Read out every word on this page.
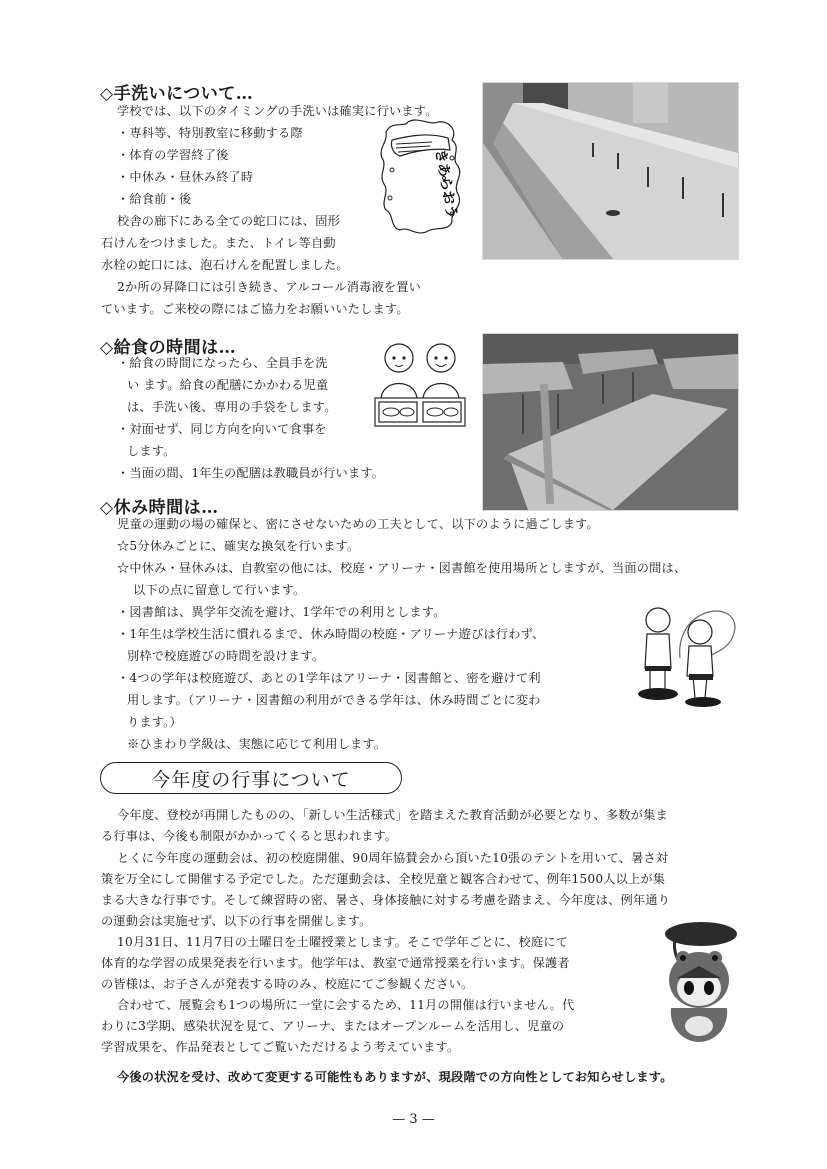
◇手洗いについて…
学校では、以下のタイミングの手洗いは確実に行います。
・専科等、特別教室に移動する際
・体育の学習終了後
・中休み・昼休み終了時
・給食前・後
校舎の廊下にある全ての蛇口には、固形
石けんをつけました。また、トイレ等自動
水栓の蛇口には、泡石けんを配置しました。
2か所の昇降口には引き続き、アルコール消毒液を置い
ています。ご来校の際にはご協力をお願いいたします。
きあらおう
◇給食の時間は…
・給食の時間になったら、全員手を洗
い ます。給食の配膳にかかわる児童
は、手洗い後、専用の手袋をします。
・対面せず、同じ方向を向いて食事を
します。
・当面の間、1年生の配膳は教職員が行います。
◇休み時間は…
児童の運動の場の確保と、密にさせないための工夫として、以下のように過ごします。
☆5分休みごとに、確実な換気を行います。
☆中休み・昼休みは、自教室の他には、校庭・アリーナ・図書館を使用場所としますが、当面の間は、
以下の点に留意して行います。
・図書館は、異学年交流を避け、1学年での利用とします。
・1年生は学校生活に慣れるまで、休み時間の校庭・アリーナ遊びは行わず、
別枠で校庭遊びの時間を設けます。
・4つの学年は校庭遊び、あとの1学年はアリーナ・図書館と、密を避けて利
用します。（アリーナ・図書館の利用ができる学年は、休み時間ごとに変わ
ります。）
※ひまわり学級は、実態に応じて利用します。
今年度の行事について
今年度、登校が再開したものの、「新しい生活様式」を踏まえた教育活動が必要となり、多数が集ま
る行事は、今後も制限がかかってくると思われます。
とくに今年度の運動会は、初の校庭開催、90周年協賛会から頂いた10張のテントを用いて、暑さ対
策を万全にして開催する予定でした。ただ運動会は、全校児童と観客合わせて、例年1500人以上が集
まる大きな行事です。そして練習時の密、暑さ、身体接触に対する考慮を踏まえ、今年度は、例年通り
の運動会は実施せず、以下の行事を開催します。
10月31日、11月7日の土曜日を土曜授業とします。そこで学年ごとに、校庭にて
体育的な学習の成果発表を行います。他学年は、教室で通常授業を行います。保護者
の皆様は、お子さんが発表する時のみ、校庭にてご参観ください。
合わせて、展覧会も1つの場所に一堂に会するため、11月の開催は行いません。代
わりに3学期、感染状況を見て、アリーナ、またはオープンルームを活用し、児童の
学習成果を、作品発表としてご覧いただけるよう考えています。
今後の状況を受け、改めて変更する可能性もありますが、現段階での方向性としてお知らせします。
— 3 —
